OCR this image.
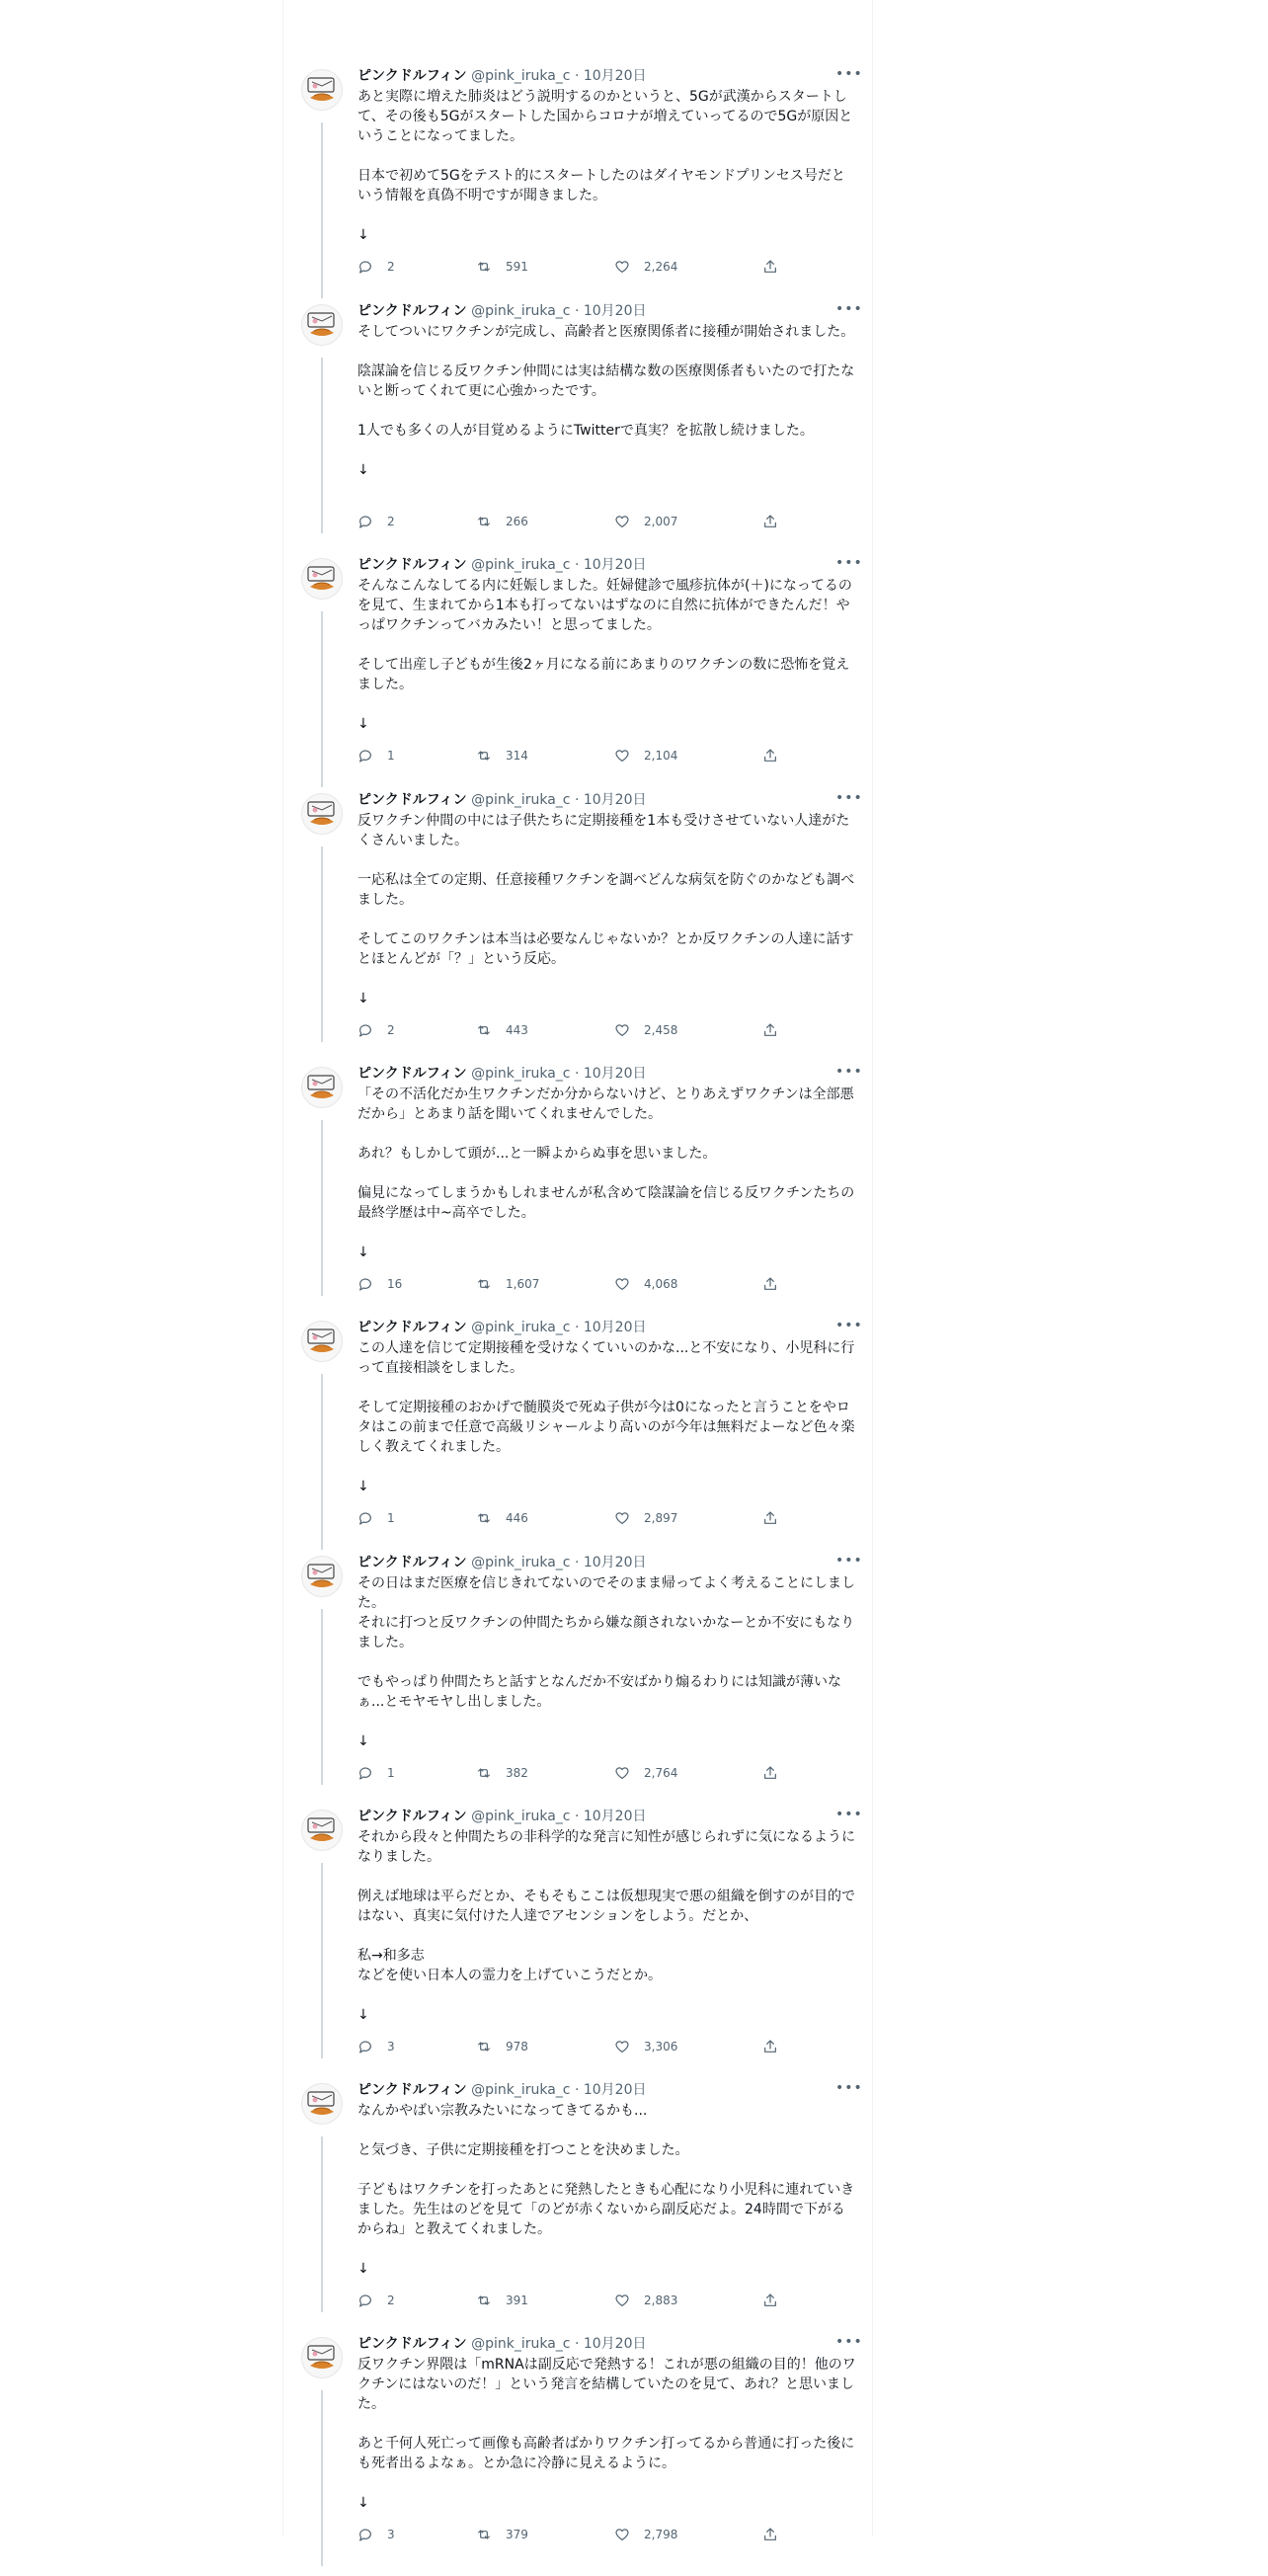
ピンクドルフィン @pink_iruka_c · 10月20日	•••
あと実際に増えた肺炎はどう説明するのかというと、5Gが武漢からスタートして、その後も5Gがスタートした国からコロナが増えていってるので5Gが原因ということになってました。

日本で初めて5Gをテスト的にスタートしたのはダイヤモンドプリンセス号だという情報を真偽不明ですが聞きました。

↓
2	591	2,264
ピンクドルフィン @pink_iruka_c · 10月20日	•••
そしてついにワクチンが完成し、高齢者と医療関係者に接種が開始されました。

陰謀論を信じる反ワクチン仲間には実は結構な数の医療関係者もいたので打たないと断ってくれて更に心強かったです。

1人でも多くの人が目覚めるようにTwitterで真実？を拡散し続けました。

↓
2	266	2,007
ピンクドルフィン @pink_iruka_c · 10月20日	•••
そんなこんなしてる内に妊娠しました。妊婦健診で風疹抗体が(＋)になってるのを見て、生まれてから1本も打ってないはずなのに自然に抗体ができたんだ！やっぱワクチンってバカみたい！と思ってました。

そして出産し子どもが生後2ヶ月になる前にあまりのワクチンの数に恐怖を覚えました。

↓
1	314	2,104
ピンクドルフィン @pink_iruka_c · 10月20日	•••
反ワクチン仲間の中には子供たちに定期接種を1本も受けさせていない人達がたくさんいました。

一応私は全ての定期、任意接種ワクチンを調べどんな病気を防ぐのかなども調べました。

そしてこのワクチンは本当は必要なんじゃないか？とか反ワクチンの人達に話すとほとんどが「？」という反応。

↓
2	443	2,458
ピンクドルフィン @pink_iruka_c · 10月20日	•••
「その不活化だか生ワクチンだか分からないけど、とりあえずワクチンは全部悪だから」とあまり話を聞いてくれませんでした。

あれ？もしかして頭が...と一瞬よからぬ事を思いました。

偏見になってしまうかもしれませんが私含めて陰謀論を信じる反ワクチンたちの最終学歴は中~高卒でした。

↓
16	1,607	4,068
ピンクドルフィン @pink_iruka_c · 10月20日	•••
この人達を信じて定期接種を受けなくていいのかな...と不安になり、小児科に行って直接相談をしました。

そして定期接種のおかげで髄膜炎で死ぬ子供が今は0になったと言うことをやロタはこの前まで任意で高級リシャールより高いのが今年は無料だよーなど色々楽しく教えてくれました。

↓
1	446	2,897
ピンクドルフィン @pink_iruka_c · 10月20日	•••
その日はまだ医療を信じきれてないのでそのまま帰ってよく考えることにしました。
それに打つと反ワクチンの仲間たちから嫌な顔されないかなーとか不安にもなりました。

でもやっぱり仲間たちと話すとなんだか不安ばかり煽るわりには知識が薄いなぁ...とモヤモヤし出しました。

↓
1	382	2,764
ピンクドルフィン @pink_iruka_c · 10月20日	•••
それから段々と仲間たちの非科学的な発言に知性が感じられずに気になるようになりました。

例えば地球は平らだとか、そもそもここは仮想現実で悪の組織を倒すのが目的ではない、真実に気付けた人達でアセンションをしよう。だとか、

私→和多志
などを使い日本人の霊力を上げていこうだとか。

↓
3	978	3,306
ピンクドルフィン @pink_iruka_c · 10月20日	•••
なんかやばい宗教みたいになってきてるかも...

と気づき、子供に定期接種を打つことを決めました。

子どもはワクチンを打ったあとに発熱したときも心配になり小児科に連れていきました。先生はのどを見て「のどが赤くないから副反応だよ。24時間で下がるからね」と教えてくれました。

↓
2	391	2,883
ピンクドルフィン @pink_iruka_c · 10月20日	•••
反ワクチン界隈は「mRNAは副反応で発熱する！これが悪の組織の目的！他のワクチンにはないのだ！」という発言を結構していたのを見て、あれ？と思いました。

あと千何人死亡って画像も高齢者ばかりワクチン打ってるから普通に打った後にも死者出るよなぁ。とか急に冷静に見えるように。

↓
3	379	2,798
